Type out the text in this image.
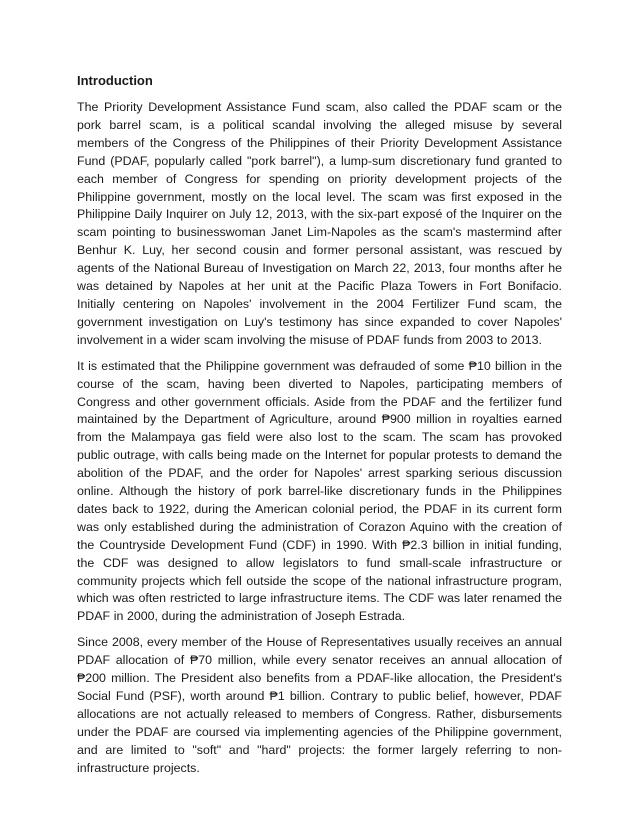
Introduction

The Priority Development Assistance Fund scam, also called the PDAF scam or the pork barrel scam, is a political scandal involving the alleged misuse by several members of the Congress of the Philippines of their Priority Development Assistance Fund (PDAF, popularly called "pork barrel"), a lump-sum discretionary fund granted to each member of Congress for spending on priority development projects of the Philippine government, mostly on the local level. The scam was first exposed in the Philippine Daily Inquirer on July 12, 2013, with the six-part exposé of the Inquirer on the scam pointing to businesswoman Janet Lim-Napoles as the scam's mastermind after Benhur K. Luy, her second cousin and former personal assistant, was rescued by agents of the National Bureau of Investigation on March 22, 2013, four months after he was detained by Napoles at her unit at the Pacific Plaza Towers in Fort Bonifacio. Initially centering on Napoles' involvement in the 2004 Fertilizer Fund scam, the government investigation on Luy's testimony has since expanded to cover Napoles' involvement in a wider scam involving the misuse of PDAF funds from 2003 to 2013.

It is estimated that the Philippine government was defrauded of some ₱10 billion in the course of the scam, having been diverted to Napoles, participating members of Congress and other government officials. Aside from the PDAF and the fertilizer fund maintained by the Department of Agriculture, around ₱900 million in royalties earned from the Malampaya gas field were also lost to the scam. The scam has provoked public outrage, with calls being made on the Internet for popular protests to demand the abolition of the PDAF, and the order for Napoles' arrest sparking serious discussion online. Although the history of pork barrel-like discretionary funds in the Philippines dates back to 1922, during the American colonial period, the PDAF in its current form was only established during the administration of Corazon Aquino with the creation of the Countryside Development Fund (CDF) in 1990. With ₱2.3 billion in initial funding, the CDF was designed to allow legislators to fund small-scale infrastructure or community projects which fell outside the scope of the national infrastructure program, which was often restricted to large infrastructure items. The CDF was later renamed the PDAF in 2000, during the administration of Joseph Estrada.

Since 2008, every member of the House of Representatives usually receives an annual PDAF allocation of ₱70 million, while every senator receives an annual allocation of ₱200 million. The President also benefits from a PDAF-like allocation, the President's Social Fund (PSF), worth around ₱1 billion. Contrary to public belief, however, PDAF allocations are not actually released to members of Congress. Rather, disbursements under the PDAF are coursed via implementing agencies of the Philippine government, and are limited to "soft" and "hard" projects: the former largely referring to non-infrastructure projects.
